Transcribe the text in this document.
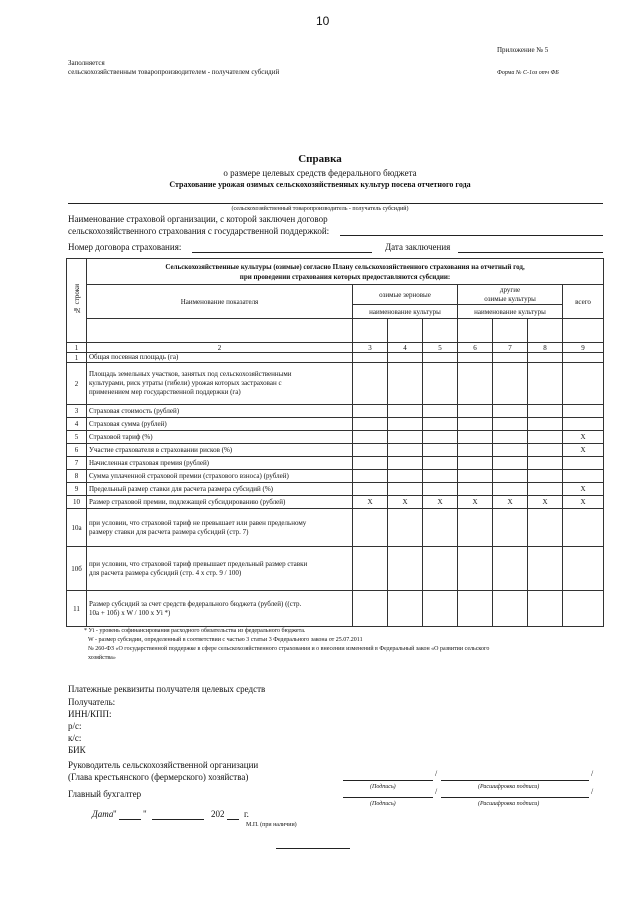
10
Приложение № 5
Заполняется
сельскохозяйственным товаропроизводителем - получателем субсидий	Форма № С-1оз отч ФБ
Справка
о размере целевых средств федерального бюджета
Страхование урожая озимых сельскохозяйственных культур посева отчетного года
(сельскохозяйственный товаропроизводитель - получатель субсидий)
Наименование страховой организации, с которой заключен договор
сельскохозяйственного страхования с государственной поддержкой:
Номер договора страхования:	Дата заключения
№ строки	Сельскохозяйственные культуры (озимые) согласно Плану сельскохозяйственного страхования на отчетный год,
при проведении страхования которых предоставляются субсидии:							

	Наименование показателя	озимые зерновые			другие
озимые культуры			всего
		наименование культуры			наименование культуры			

1	2	3	4	5	6	7	8	9
1	Общая посевная площадь (га)							

2	Площадь земельных участков, занятых под сельскохозяйственными
культурами, риск утраты (гибели) урожая которых застрахован с
применением мер государственной поддержки (га)							

3	Страховая стоимость (рублей)							

4	Страховая сумма (рублей)							

5	Страховой тариф (%)							X
6	Участие страхователя в страховании рисков (%)							X
7	Начисленная страховая премия (рублей)							

8	Сумма уплаченной страховой премии (страхового взноса) (рублей)							

9	Предельный размер ставки для расчета размера субсидий (%)							X
10	Размер страховой премии, подлежащей субсидированию (рублей)	X	X	X	X	X	X	X
10а	при условии, что страховой тариф не превышает или равен предельному
размеру ставки для расчета размера субсидий (стр. 7)							

10б	при условии, что страховой тариф превышает предельный размер ставки
для расчета размера субсидий (стр. 4 х стр. 9 / 100)							

11	Размер субсидий за счет средств федерального бюджета (рублей) ((стр.
10а + 10б) х W / 100 х Уi *)							

* Уi - уровень софинансирования расходного обязательства из федерального бюджета.
W - размер субсидии, определенный в соответствии с частью 3 статьи 3 Федерального закона от 25.07.2011
№ 260-ФЗ «О государственной поддержке в сфере сельскохозяйственного страхования и о внесении изменений в Федеральный закон «О развитии сельского
хозяйства»
Платежные реквизиты получателя целевых средств
Получатель:
ИНН/КПП:
р/с:
к/с:
БИК
Руководитель сельскохозяйственной организации
(Глава крестьянского (фермерского) хозяйства)	/	/
(Подпись)	(Расшифровка подписи)
Главный бухгалтер	/	/
(Подпись)	(Расшифровка подписи)
Дата "	"	202 г.
М.П. (при наличии)
